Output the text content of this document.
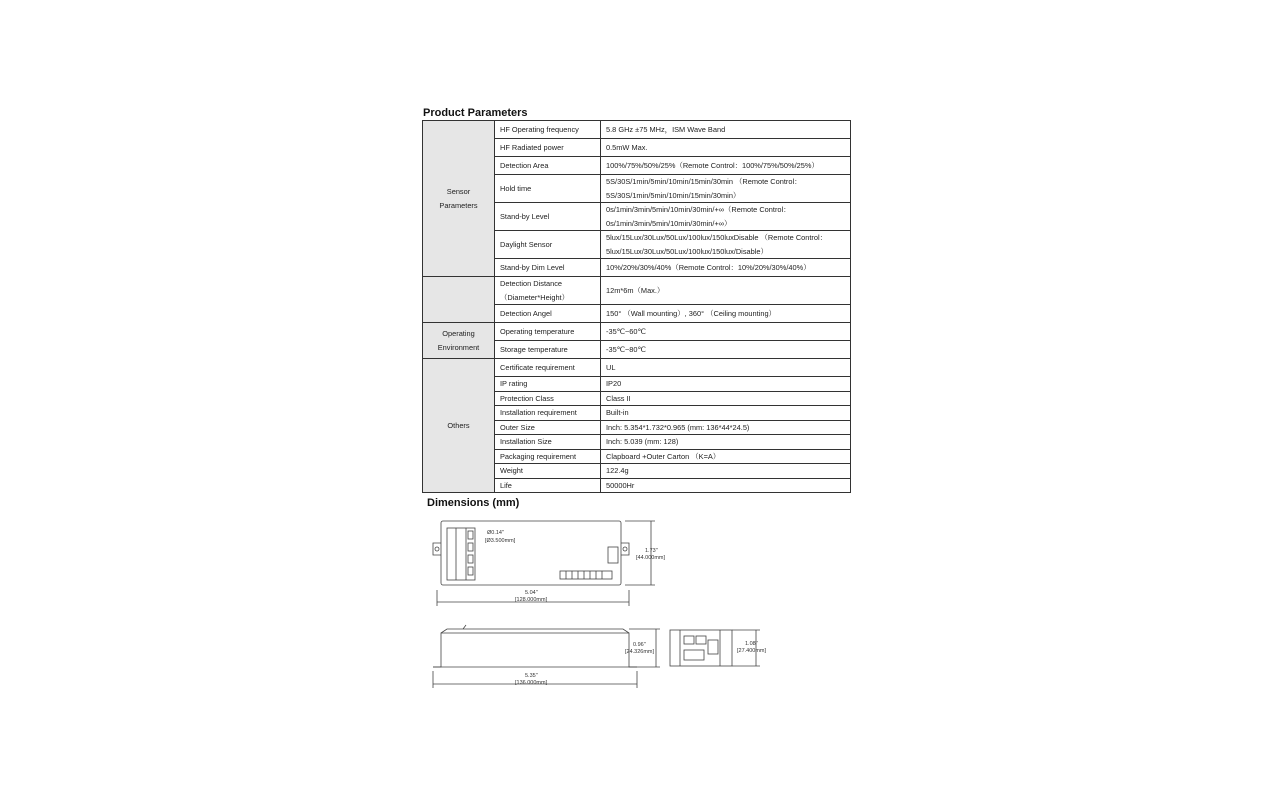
Product Parameters
Sensor
Parameters	HF Operating frequency	5.8 GHz ±75 MHz，ISM Wave Band
	HF Radiated power	0.5mW Max.
	Detection Area	100%/75%/50%/25%（Remote Control：100%/75%/50%/25%）
	Hold time	5S/30S/1min/5min/10min/15min/30min （Remote Control：
5S/30S/1min/5min/10min/15min/30min）

	Stand-by Level	0s/1min/3min/5min/10min/30min/+∞（Remote Control：
0s/1min/3min/5min/10min/30min/+∞）

	Daylight Sensor	5lux/15Lux/30Lux/50Lux/100lux/150luxDisable （Remote Control：
5lux/15Lux/30Lux/50Lux/100lux/150lux/Disable）

	Stand-by Dim Level	10%/20%/30%/40%（Remote Control：10%/20%/30%/40%）

	Detection Distance
（Diameter*Height）	12m*6m（Max.）
	Detection Angel	150° （Wall mounting）, 360° （Ceiling mounting）

Operating
Environment	Operating temperature	-35℃~60℃
	Storage temperature	-35℃~80℃
Others	Certificate requirement	UL
	IP rating	IP20
	Protection Class	Class II
	Installation requirement	Built-in
	Outer Size	Inch: 5.354*1.732*0.965 (mm: 136*44*24.5)
	Installation Size	Inch: 5.039 (mm: 128)
	Packaging requirement	Clapboard +Outer Carton （K=A）
	Weight	122.4g
	Life	50000Hr
Dimensions (mm)
Ø0.14"
[Ø3.500mm]
1.73"
[44.000mm]
5.04"
[128.000mm]
0.96"
[24.326mm]
5.35"
[136.000mm]
1.08"
[27.400mm]
